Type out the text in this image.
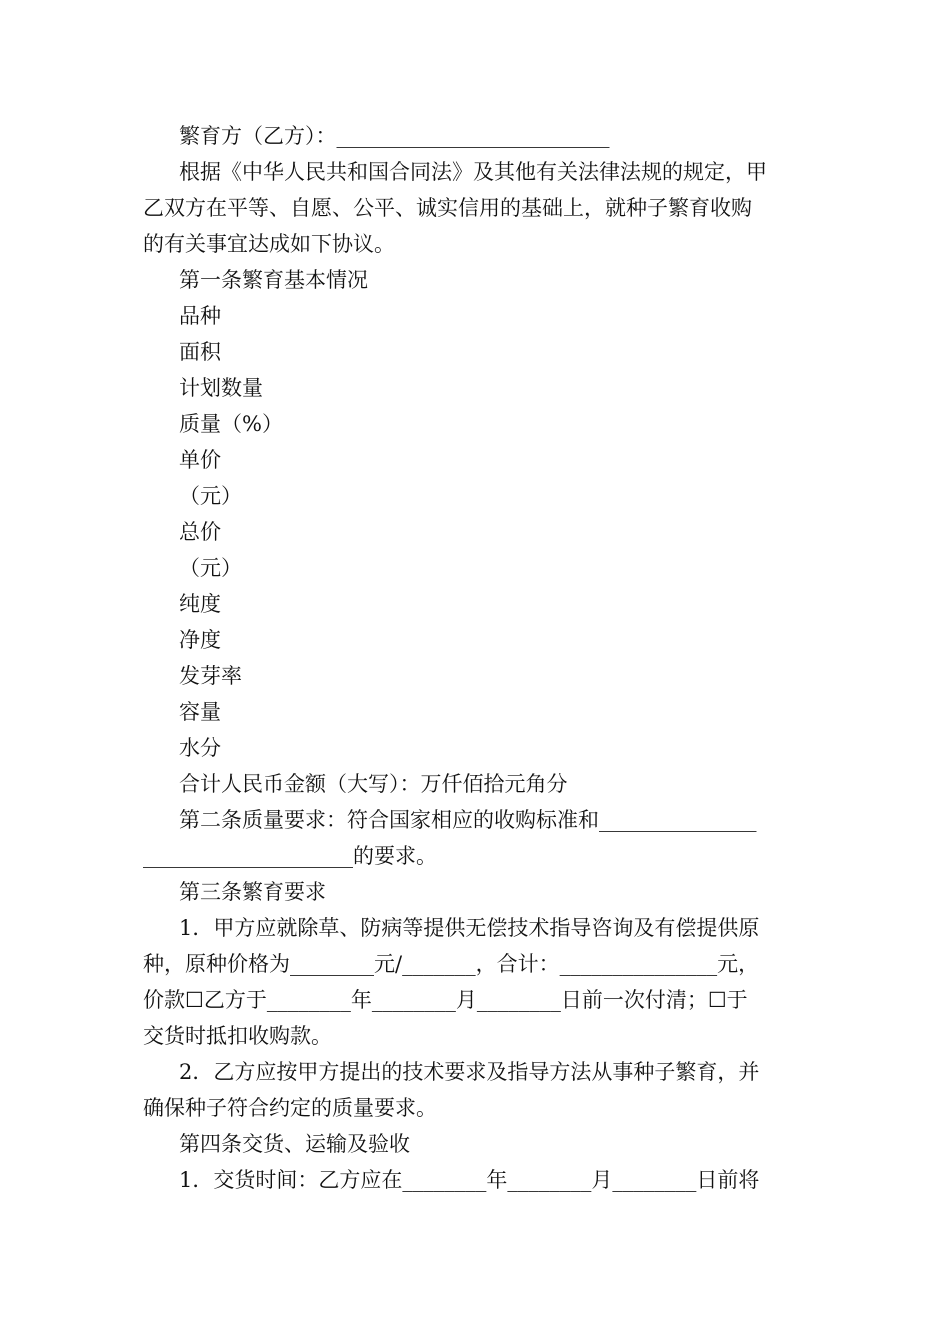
繁育方（乙方）：__________________________
根据《中华人民共和国合同法》及其他有关法律法规的规定，甲
乙双方在平等、自愿、公平、诚实信用的基础上，就种子繁育收购
的有关事宜达成如下协议。
第一条繁育基本情况
品种
面积
计划数量
质量（%）
单价
（元）
总价
（元）
纯度
净度
发芽率
容量
水分
合计人民币金额（大写）：万仟佰拾元角分
第二条质量要求：符合国家相应的收购标准和_______________
____________________的要求。
第三条繁育要求
1．甲方应就除草、防病等提供无偿技术指导咨询及有偿提供原
种，原种价格为________元/_______，合计：_______________元，
价款☐乙方于________年________月________日前一次付清；☐于
交货时抵扣收购款。
2．乙方应按甲方提出的技术要求及指导方法从事种子繁育，并
确保种子符合约定的质量要求。
第四条交货、运输及验收
1．交货时间：乙方应在________年________月________日前将
